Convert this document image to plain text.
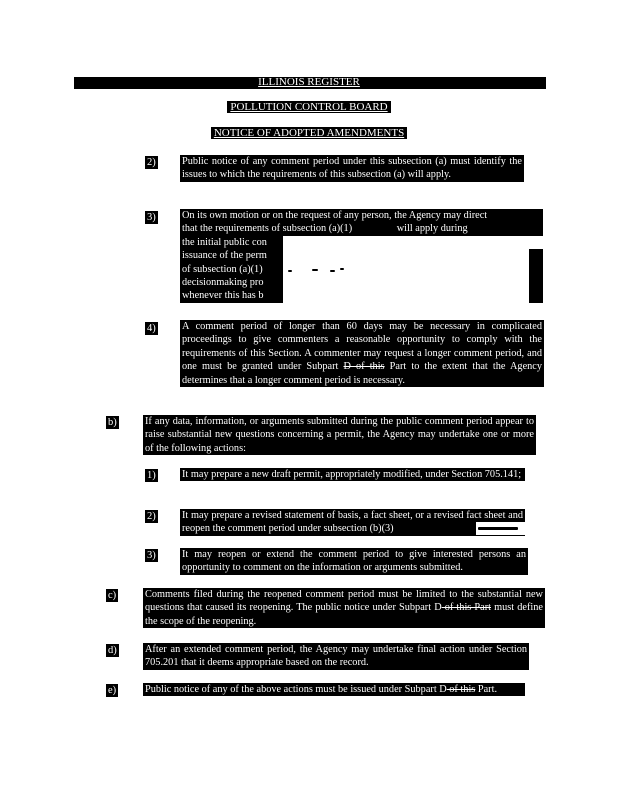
ILLINOIS REGISTER
POLLUTION CONTROL BOARD
NOTICE OF ADOPTED AMENDMENTS
2)	Public notice of any comment period under this subsection (a) must identify the issues to which the requirements of this subsection (a) will apply.
3)	On its own motion or on the request of any person, the Agency may direct
that the requirements of subsection (a)(1)	will apply during
the initial public con
issuance of the perm
of subsection (a)(1)
decisionmaking pro
whenever this has b
4)	A comment period of longer than 60 days may be necessary in complicated proceedings to give commenters a reasonable opportunity to comply with the requirements of this Section. A commenter may request a longer comment period, and one must be granted under Subpart D of this Part to the extent that the Agency determines that a longer comment period is necessary.
b)	If any data, information, or arguments submitted during the public comment period appear to raise substantial new questions concerning a permit, the Agency may undertake one or more of the following actions:
1)	It may prepare a new draft permit, appropriately modified, under Section 705.141;
2)	It may prepare a revised statement of basis, a fact sheet, or a revised fact sheet and reopen the comment period under subsection (b)(3)
3)	It may reopen or extend the comment period to give interested persons an opportunity to comment on the information or arguments submitted.
c)	Comments filed during the reopened comment period must be limited to the substantial new questions that caused its reopening. The public notice under Subpart D of this Part must define the scope of the reopening.
d)	After an extended comment period, the Agency may undertake final action under Section 705.201 that it deems appropriate based on the record.
e)	Public notice of any of the above actions must be issued under Subpart D of this Part.
